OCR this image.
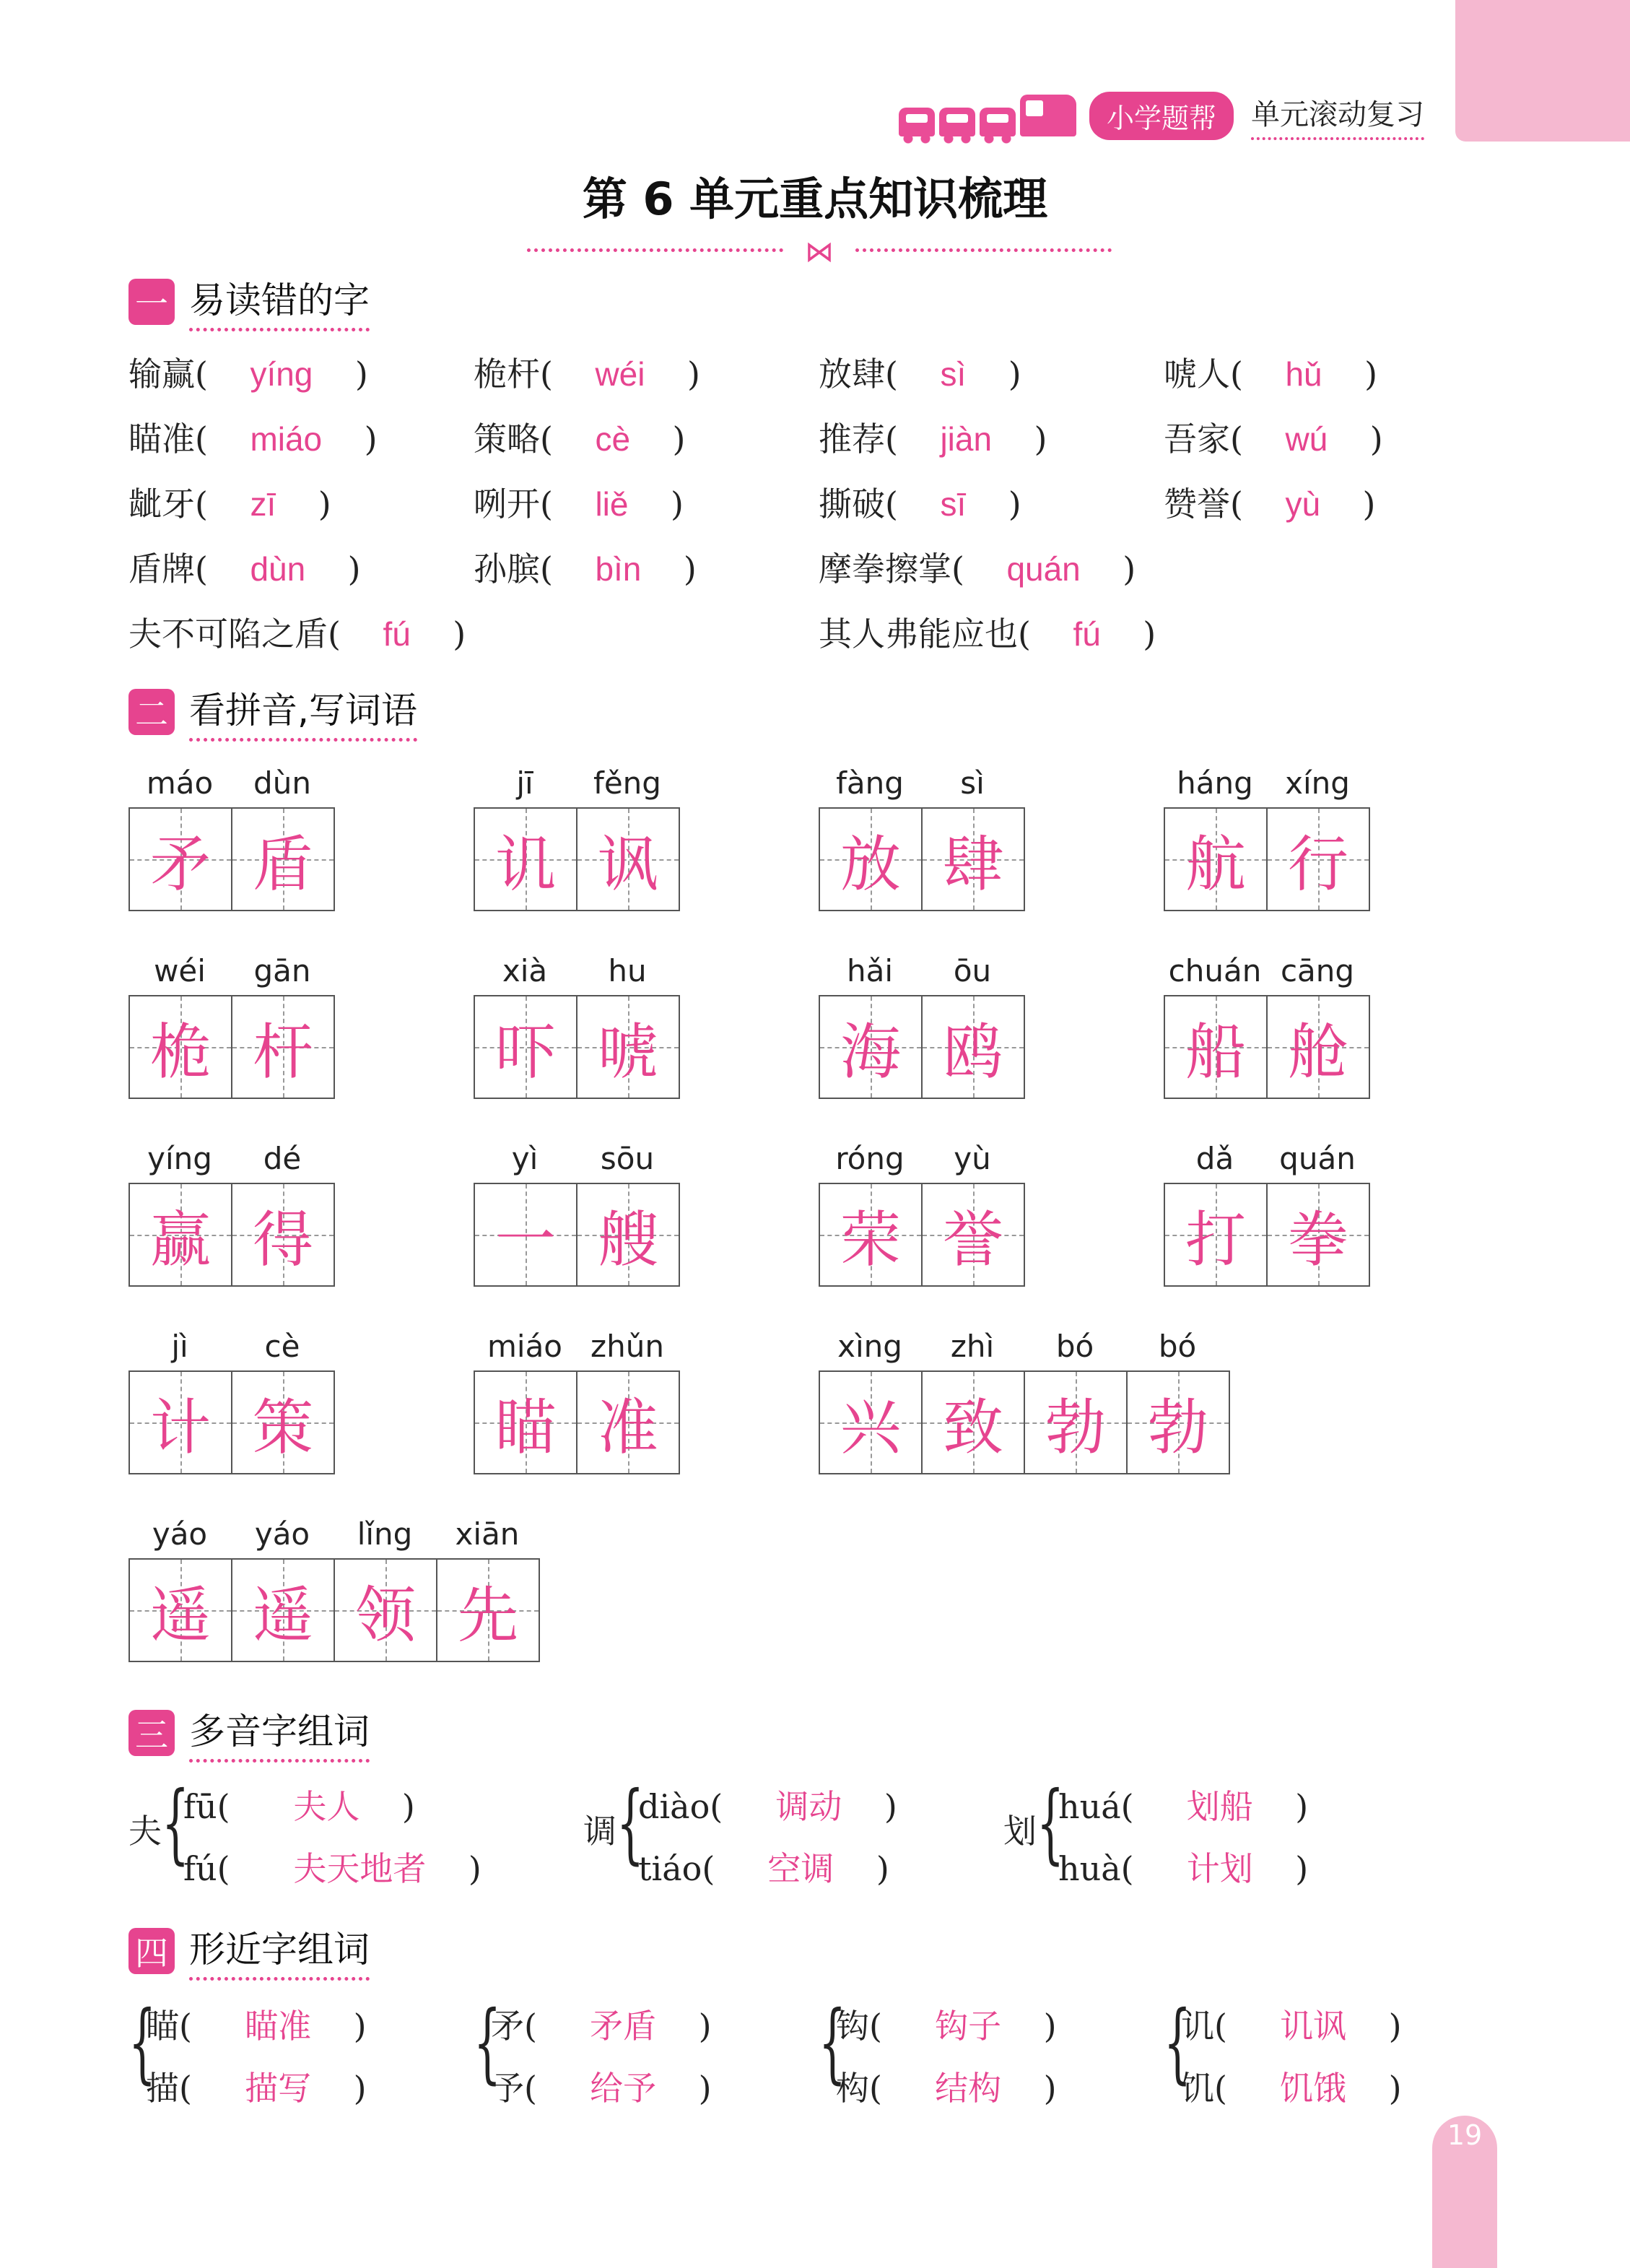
小学题帮	单元滚动复习
第 6 单元重点知识梳理
⋈
一 易读错的字
输赢(    yíng    )	桅杆(    wéi    )	放肆(    sì    )	唬人(    hǔ    )
瞄准(    miáo    )	策略(    cè    )	推荐(    jiàn    )	吾家(    wú    )
龇牙(    zī    )	咧开(    liě    )	撕破(    sī    )	赞誉(    yù    )
盾牌(    dùn    )	孙膑(    bìn    )	摩拳擦掌(    quán    )
夫不可陷之盾(    fú    )	其人弗能应也(    fú    )
二 看拼音,写词语
máo	dùn
矛 盾
jī	fěng
讥 讽
fàng	sì
放 肆
háng	xíng
航 行
wéi	gān
桅 杆
xià	hu
吓 唬
hǎi	ōu
海 鸥
chuán cāng
船 舱
yíng	dé
赢 得
yì	sōu
一 艘
róng	yù
荣 誉
dǎ	quán
打 拳
jì	cè
计 策
miáo zhǔn
瞄 准
xìng	zhì	bó	bó
兴 致 勃 勃
yáo	yáo	lǐng	xiān
遥 遥 领 先
三 多音字组词
夫 {
fū( 夫人    )
fú( 夫天地者    )
调 {
diào( 调动    )
tiáo( 空调    )
划 {
huá( 划船    )
huà( 计划    )
四 形近字组词
{
瞄( 瞄准    )
描( 描写    ) {
矛( 矛盾    )
予( 给予    ) {
钩( 钩子    )
构( 结构    ) {
讥( 讥讽    )
饥( 饥饿    )
19
